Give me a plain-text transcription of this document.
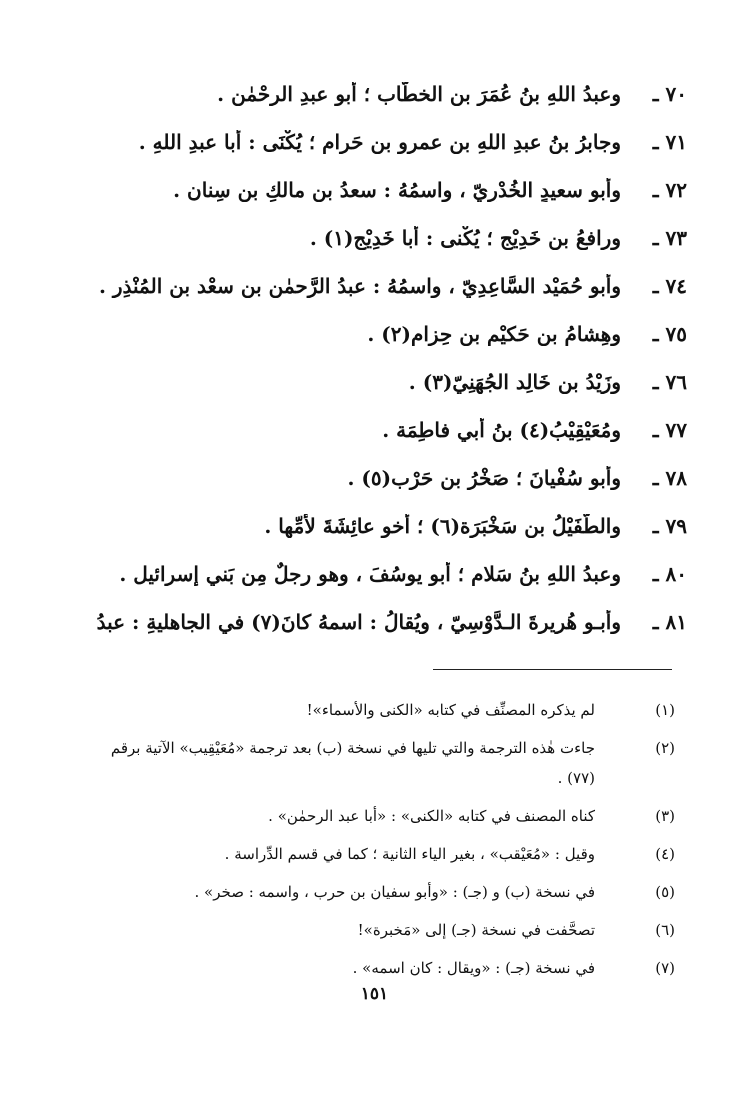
٧٠ ـ
وعبدُ اللهِ بنُ عُمَرَ بن الخطّاب ؛ أبو عبدِ الرحْمٰن .
٧١ ـ
وجابرُ بنُ عبدِ اللهِ بنِ عمرو بن حَرام ؛ يُكْنَى : أبا عبدِ اللهِ .
٧٢ ـ
وأبو سعيدٍ الخُدْرِيّ ، واسمُهُ : سعدُ بن مالكِ بن سِنان .
٧٣ ـ
ورافعُ بن خَدِيْج ؛ يُكْنى : أبا خَدِيْج(١) .
٧٤ ـ
وأبو حُمَيْد السَّاعِدِيّ ، واسمُهُ : عبدُ الرَّحمٰنِ بن سعْد بن المُنْذِر .
٧٥ ـ
وهِشامُ بن حَكيْم بن حِزام(٢) .
٧٦ ـ
وزَيْدُ بن خَالِد الجُهَنِيّ(٣) .
٧٧ ـ
ومُعَيْقِيْبُ(٤) بنُ أبي فاطِمَة .
٧٨ ـ
وأبو سُفْيانَ ؛ صَخْرُ بن حَرْب(٥) .
٧٩ ـ
والطُّفَيْلُ بن سَخْبَرَة(٦) ؛ أخو عائِشَةَ لأُمِّها .
٨٠ ـ
وعبدُ اللهِ بنُ سَلام ؛ أبو يوسُفَ ، وهو رجلٌ مِن بَني إسرائيل .
٨١ ـ
وأبـو هُريرةَ الـدَّوْسِيّ ، ويُقالُ : اسمهُ كانَ(٧) في الجاهليةِ : عبدُ
(١)
لم يذكره المصنِّف في كتابه «الكنى والأسماء»!
(٢)
جاءت هٰذه الترجمة والتي تليها في نسخة (ب) بعد ترجمة «مُعَيْقِيب» الآتية برقم (٧٧) .
(٣)
كناه المصنف في كتابه «الكنى» : «أبا عبد الرحمٰن» .
(٤)
وقيل : «مُعَيْقب» ، بغير الياء الثانية ؛ كما في قسم الدِّراسة .
(٥)
في نسخة (ب) و (جـ) : «وأبو سفيان بن حرب ، واسمه : صخر» .
(٦)
تصحَّفت في نسخة (جـ) إلى «مَخبرة»!
(٧)
في نسخة (جـ) : «ويقال : كان اسمه» .
١٥١
